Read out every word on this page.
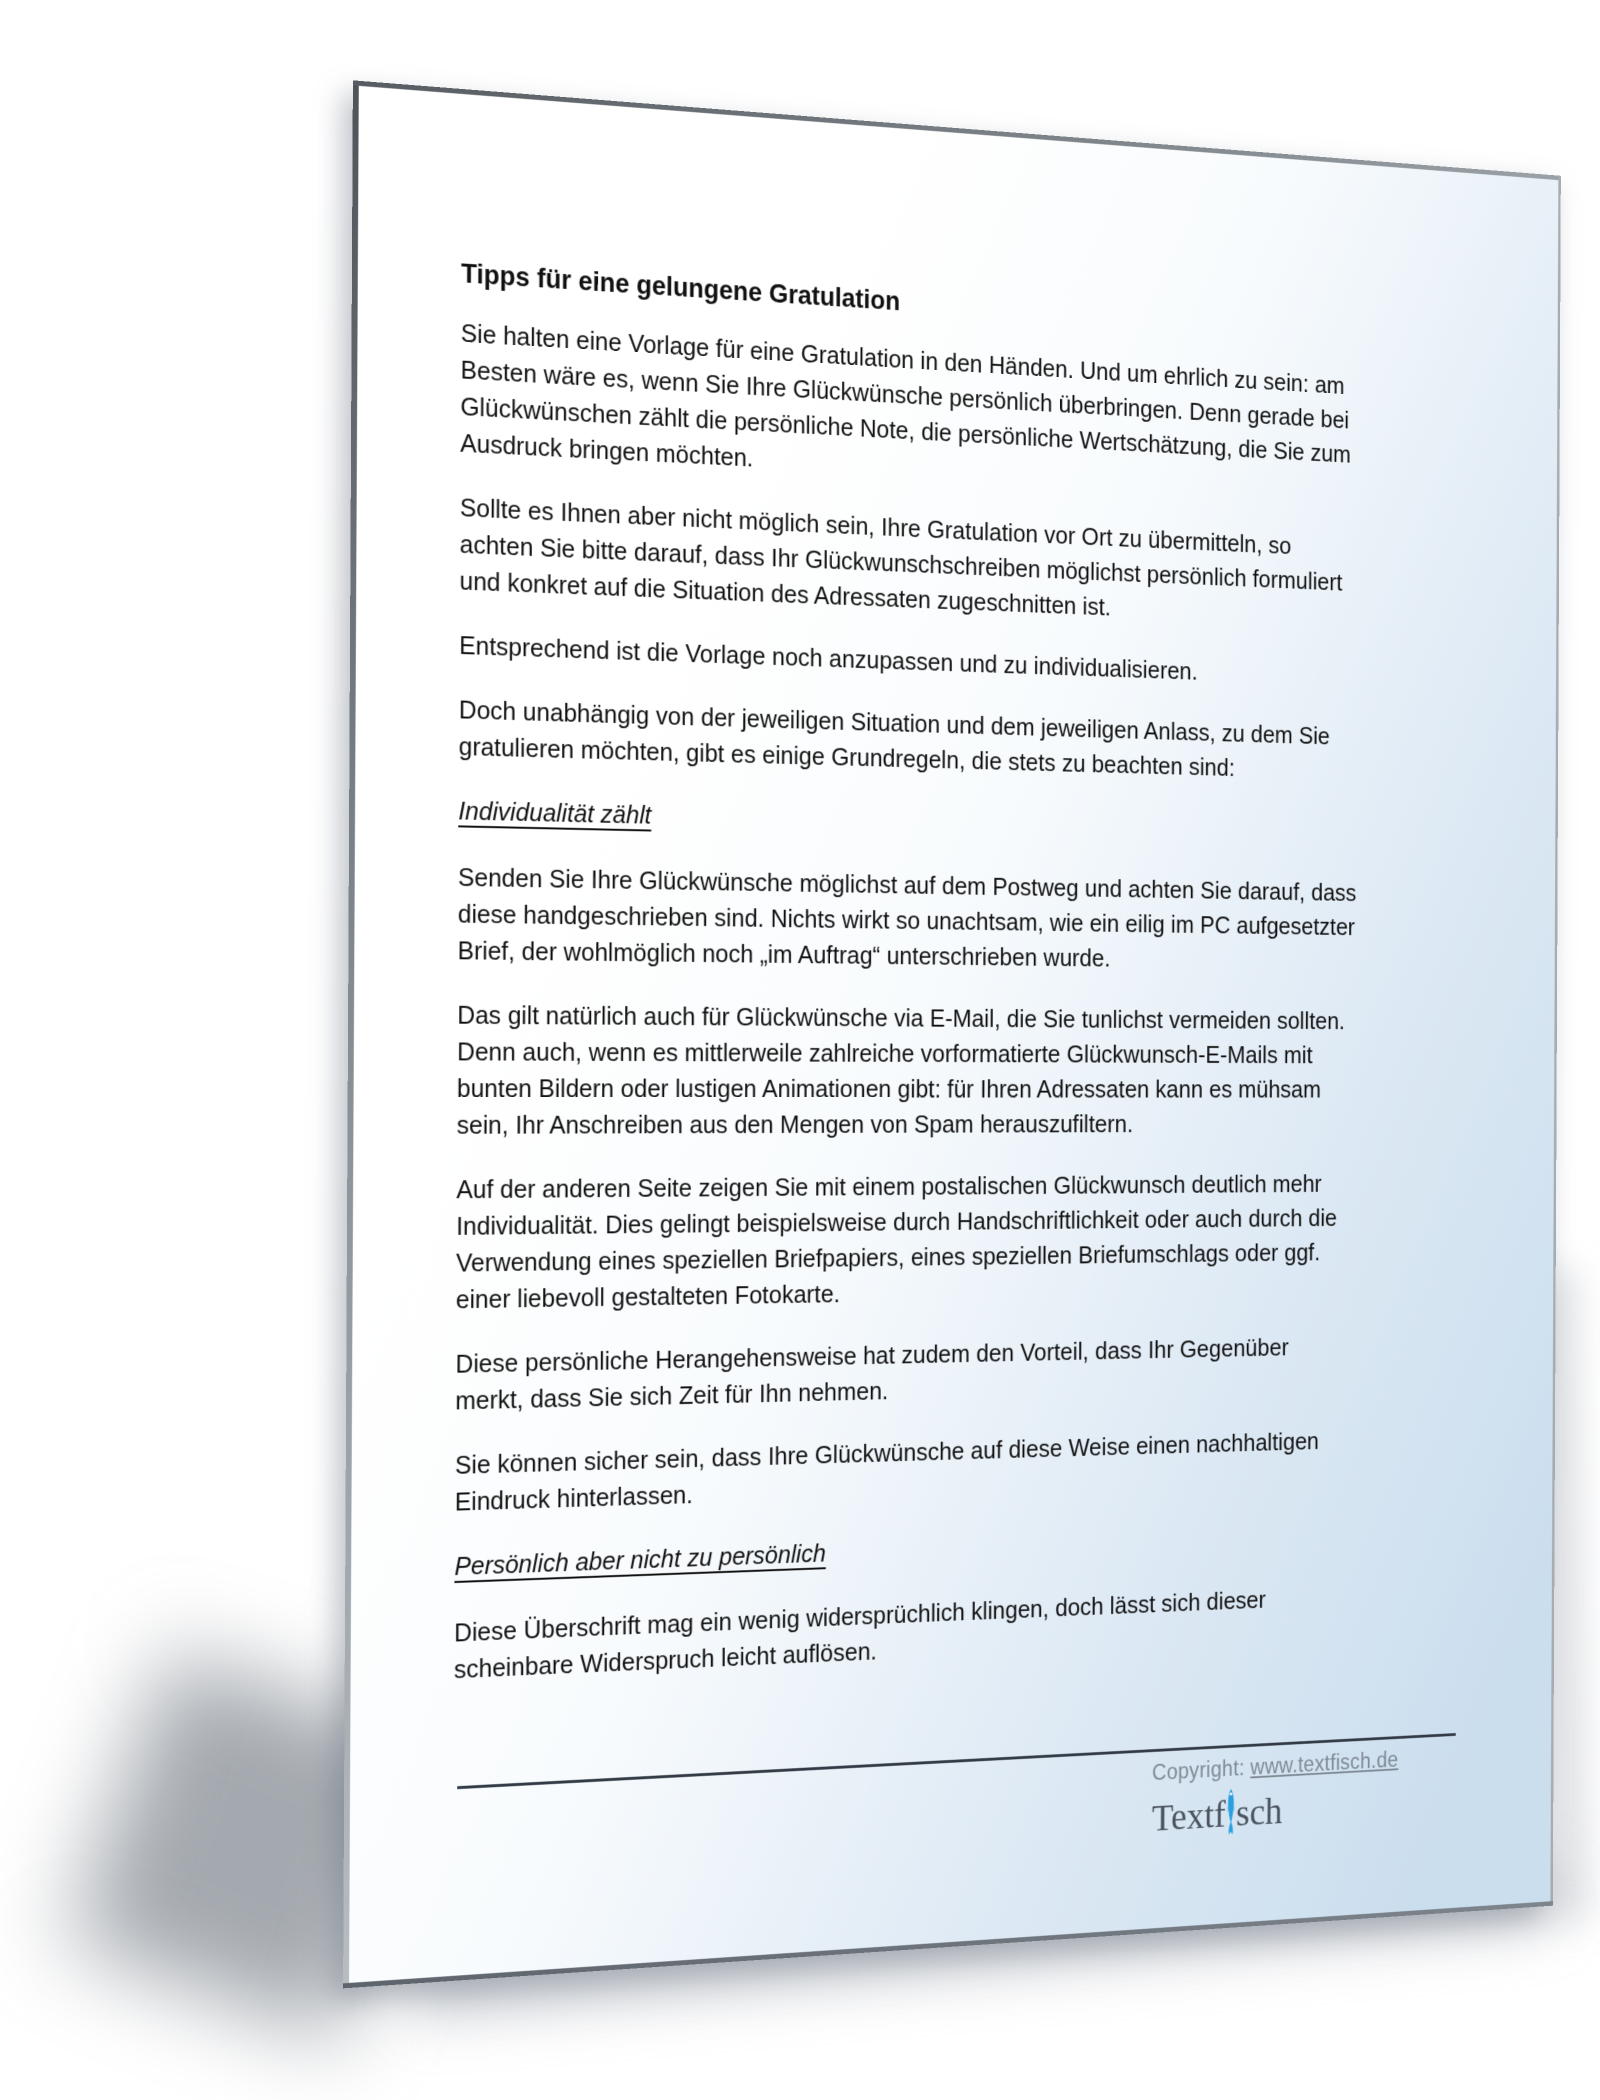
Tipps für eine gelungene Gratulation

Sie halten eine Vorlage für eine Gratulation in den Händen. Und um ehrlich zu sein: am
Besten wäre es, wenn Sie Ihre Glückwünsche persönlich überbringen. Denn gerade bei
Glückwünschen zählt die persönliche Note, die persönliche Wertschätzung, die Sie zum
Ausdruck bringen möchten.

Sollte es Ihnen aber nicht möglich sein, Ihre Gratulation vor Ort zu übermitteln, so
achten Sie bitte darauf, dass Ihr Glückwunschschreiben möglichst persönlich formuliert
und konkret auf die Situation des Adressaten zugeschnitten ist.

Entsprechend ist die Vorlage noch anzupassen und zu individualisieren.

Doch unabhängig von der jeweiligen Situation und dem jeweiligen Anlass, zu dem Sie
gratulieren möchten, gibt es einige Grundregeln, die stets zu beachten sind:

Individualität zählt

Senden Sie Ihre Glückwünsche möglichst auf dem Postweg und achten Sie darauf, dass
diese handgeschrieben sind. Nichts wirkt so unachtsam, wie ein eilig im PC aufgesetzter
Brief, der wohlmöglich noch „im Auftrag“ unterschrieben wurde.

Das gilt natürlich auch für Glückwünsche via E-Mail, die Sie tunlichst vermeiden sollten.
Denn auch, wenn es mittlerweile zahlreiche vorformatierte Glückwunsch-E-Mails mit
bunten Bildern oder lustigen Animationen gibt: für Ihren Adressaten kann es mühsam
sein, Ihr Anschreiben aus den Mengen von Spam herauszufiltern.

Auf der anderen Seite zeigen Sie mit einem postalischen Glückwunsch deutlich mehr
Individualität. Dies gelingt beispielsweise durch Handschriftlichkeit oder auch durch die
Verwendung eines speziellen Briefpapiers, eines speziellen Briefumschlags oder ggf.
einer liebevoll gestalteten Fotokarte.

Diese persönliche Herangehensweise hat zudem den Vorteil, dass Ihr Gegenüber
merkt, dass Sie sich Zeit für Ihn nehmen.

Sie können sicher sein, dass Ihre Glückwünsche auf diese Weise einen nachhaltigen
Eindruck hinterlassen.

Persönlich aber nicht zu persönlich

Diese Überschrift mag ein wenig widersprüchlich klingen, doch lässt sich dieser
scheinbare Widerspruch leicht auflösen.

Copyright: www.textfisch.de
Textf sch
